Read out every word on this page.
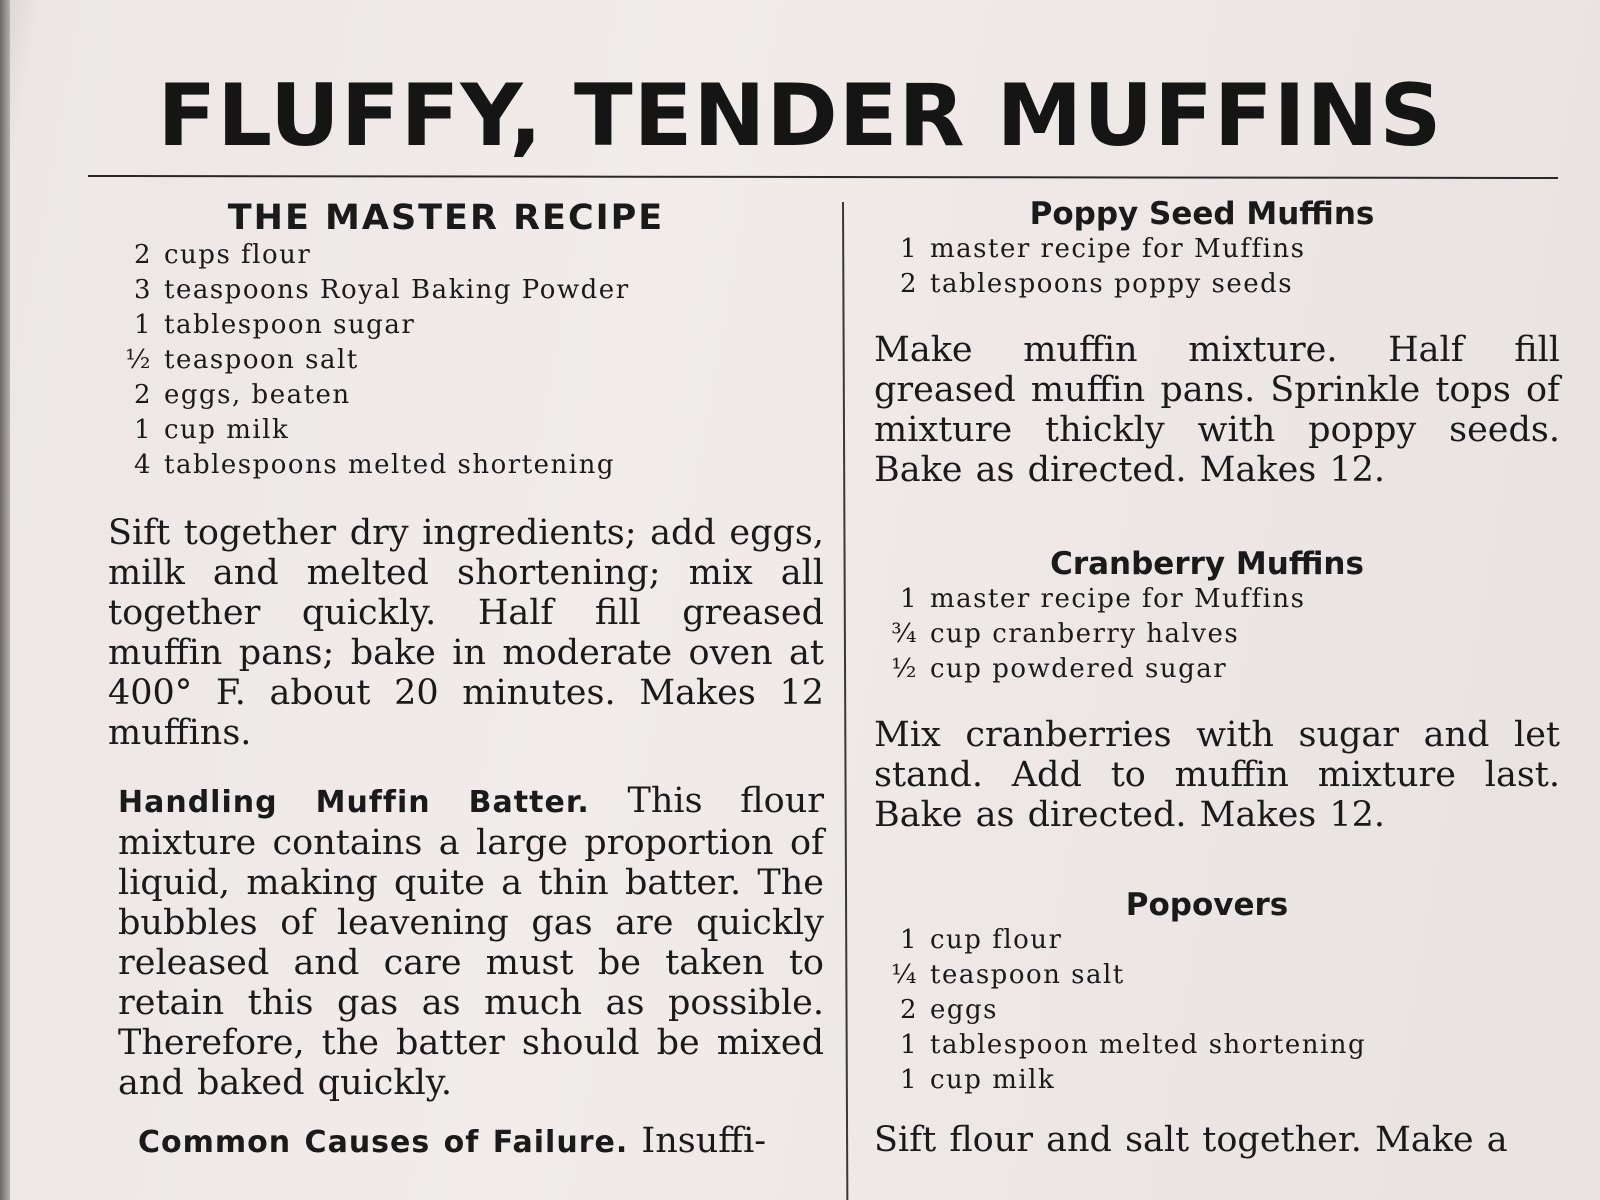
FLUFFY, TENDER MUFFINS
THE MASTER RECIPE
2 cups flour
3 teaspoons Royal Baking Powder
1 tablespoon sugar
½ teaspoon salt
2 eggs, beaten
1 cup milk
4 tablespoons melted shortening

Sift together dry ingredients; add eggs, milk and melted shortening; mix all together quickly. Half fill greased muffin pans; bake in moderate oven at 400° F. about 20 minutes. Makes 12 muffins.

Handling Muffin Batter. This flour mixture contains a large proportion of liquid, making quite a thin batter. The bubbles of leavening gas are quickly released and care must be taken to retain this gas as much as possible. Therefore, the batter should be mixed and baked quickly.

Common Causes of Failure. Insuffi-

Poppy Seed Muffins
1 master recipe for Muffins
2 tablespoons poppy seeds

Make muffin mixture. Half fill greased muffin pans. Sprinkle tops of mixture thickly with poppy seeds. Bake as directed. Makes 12.

Cranberry Muffins
1 master recipe for Muffins
¾ cup cranberry halves
½ cup powdered sugar

Mix cranberries with sugar and let stand. Add to muffin mixture last. Bake as directed. Makes 12.

Popovers
1 cup flour
¼ teaspoon salt
2 eggs
1 tablespoon melted shortening
1 cup milk

Sift flour and salt together. Make a
